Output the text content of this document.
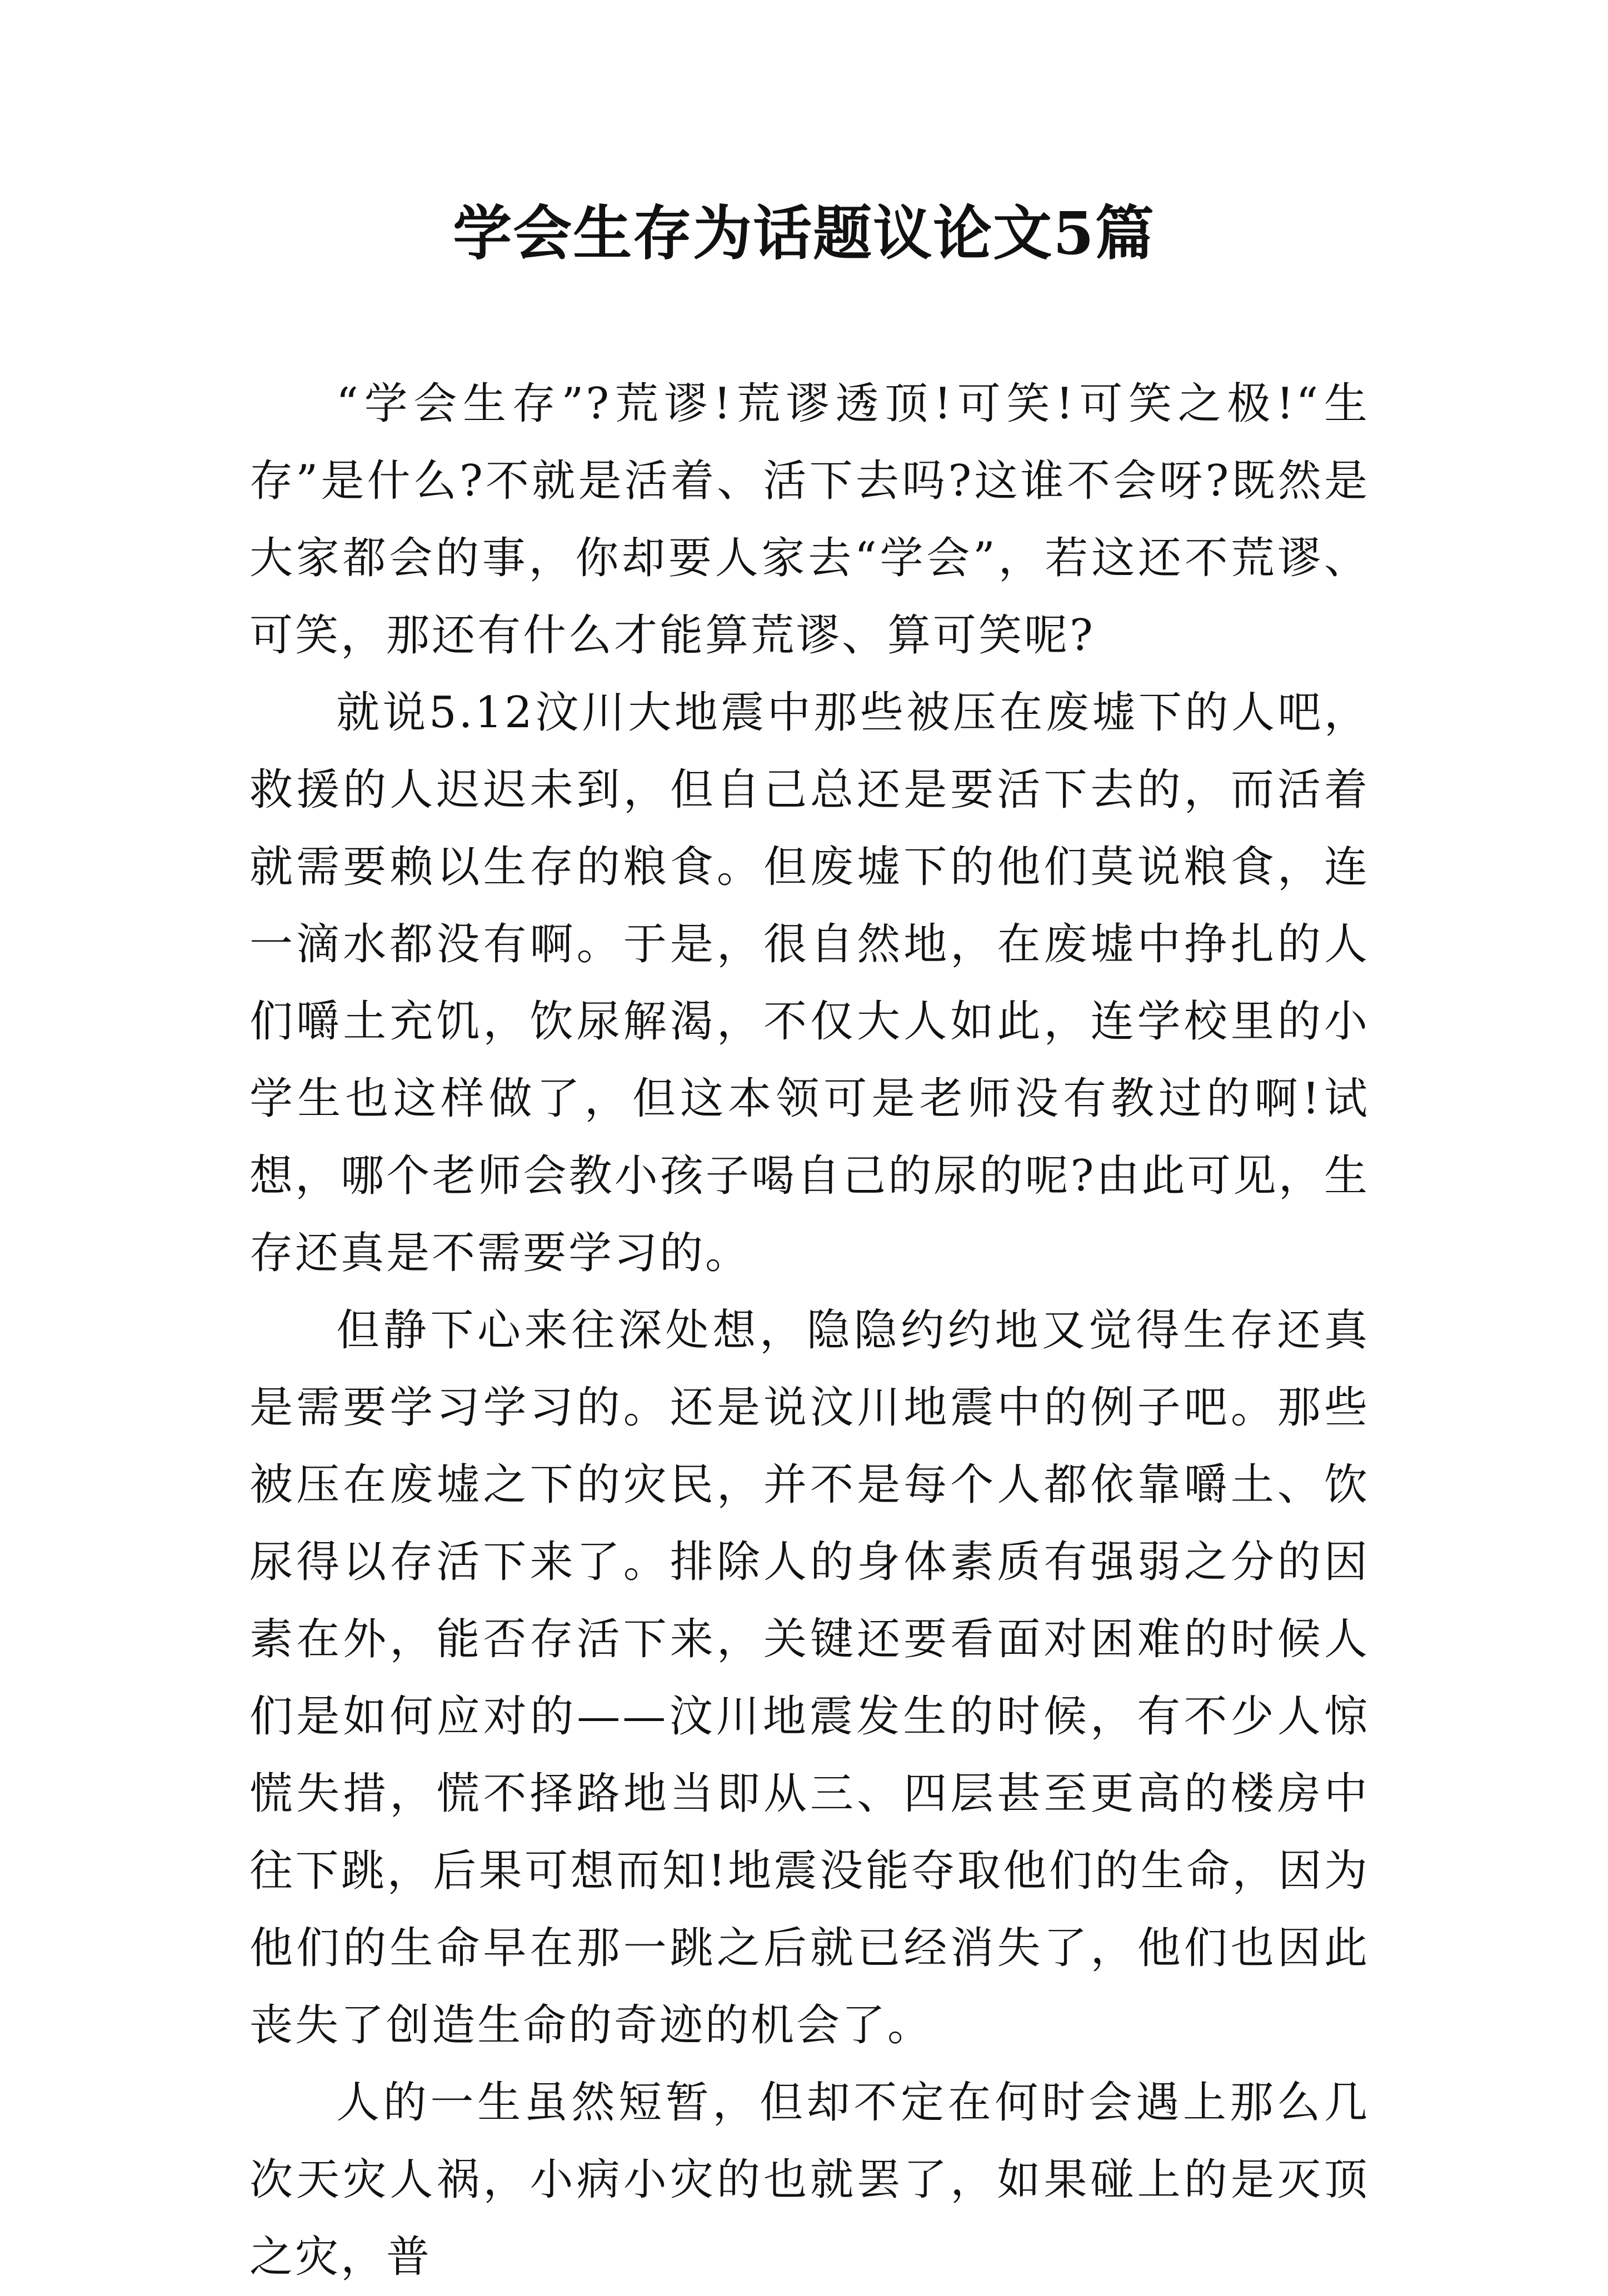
学会生存为话题议论文5篇

“学会生存”?荒谬!荒谬透顶!可笑!可笑之极!“生存”是什么?不就是活着、活下去吗?这谁不会呀?既然是大家都会的事，你却要人家去“学会”，若这还不荒谬、可笑，那还有什么才能算荒谬、算可笑呢?

就说5.12汶川大地震中那些被压在废墟下的人吧，救援的人迟迟未到，但自己总还是要活下去的，而活着就需要赖以生存的粮食。但废墟下的他们莫说粮食，连一滴水都没有啊。于是，很自然地，在废墟中挣扎的人们嚼土充饥，饮尿解渴，不仅大人如此，连学校里的小学生也这样做了，但这本领可是老师没有教过的啊!试想，哪个老师会教小孩子喝自己的尿的呢?由此可见，生存还真是不需要学习的。

但静下心来往深处想，隐隐约约地又觉得生存还真是需要学习学习的。还是说汶川地震中的例子吧。那些被压在废墟之下的灾民，并不是每个人都依靠嚼土、饮尿得以存活下来了。排除人的身体素质有强弱之分的因素在外，能否存活下来，关键还要看面对困难的时候人们是如何应对的——汶川地震发生的时候，有不少人惊慌失措，慌不择路地当即从三、四层甚至更高的楼房中往下跳，后果可想而知!地震没能夺取他们的生命，因为他们的生命早在那一跳之后就已经消失了，他们也因此丧失了创造生命的奇迹的机会了。

人的一生虽然短暂，但却不定在何时会遇上那么几次天灾人祸，小病小灾的也就罢了，如果碰上的是灭顶之灾，普
